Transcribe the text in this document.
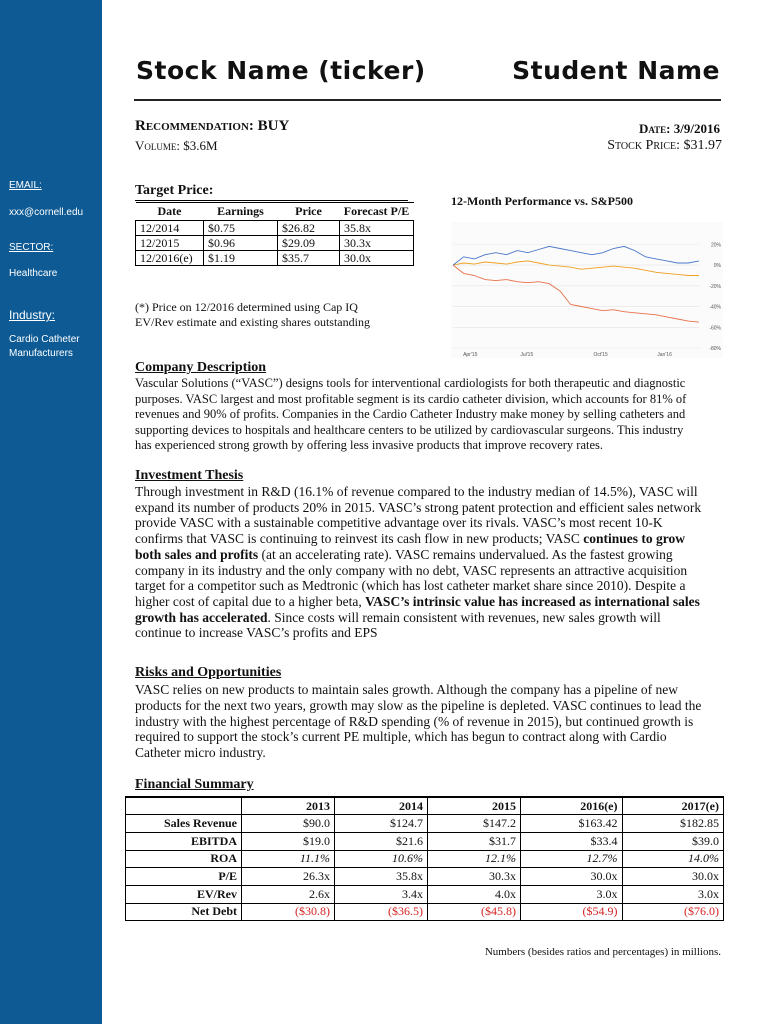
EMAIL:
xxx@cornell.edu
SECTOR:
Healthcare
Industry:
Cardio Catheter
Manufacturers
Stock Name (ticker)	Student Name
Recommendation: BUY
Volume: $3.6M
Date: 3/9/2016
Stock Price: $31.97
Target Price:
Date	Earnings	Price	Forecast P/E
12/2014	$0.75	$26.82	35.8x
12/2015	$0.96	$29.09	30.3x
12/2016(e)	$1.19	$35.7	30.0x
(*) Price on 12/2016 determined using Cap IQ
EV/Rev estimate and existing shares outstanding
12-Month Performance vs. S&P500
20%
0%
-20%
-40%
-60%
-80%
Apr'15	Jul'15	Oct'15	Jan'16
Company Description
Vascular Solutions (“VASC”) designs tools for interventional cardiologists for both therapeutic and diagnostic
purposes. VASC largest and most profitable segment is its cardio catheter division, which accounts for 81% of
revenues and 90% of profits. Companies in the Cardio Catheter Industry make money by selling catheters and
supporting devices to hospitals and healthcare centers to be utilized by cardiovascular surgeons. This industry
has experienced strong growth by offering less invasive products that improve recovery rates.
Investment Thesis
Through investment in R&D (16.1% of revenue compared to the industry median of 14.5%), VASC will
expand its number of products 20% in 2015. VASC’s strong patent protection and efficient sales network
provide VASC with a sustainable competitive advantage over its rivals. VASC’s most recent 10-K
confirms that VASC is continuing to reinvest its cash flow in new products; VASC continues to grow
both sales and profits (at an accelerating rate). VASC remains undervalued. As the fastest growing
company in its industry and the only company with no debt, VASC represents an attractive acquisition
target for a competitor such as Medtronic (which has lost catheter market share since 2010). Despite a
higher cost of capital due to a higher beta, VASC’s intrinsic value has increased as international sales
growth has accelerated. Since costs will remain consistent with revenues, new sales growth will
continue to increase VASC’s profits and EPS
Risks and Opportunities
VASC relies on new products to maintain sales growth. Although the company has a pipeline of new
products for the next two years, growth may slow as the pipeline is depleted. VASC continues to lead the
industry with the highest percentage of R&D spending (% of revenue in 2015), but continued growth is
required to support the stock’s current PE multiple, which has begun to contract along with Cardio
Catheter micro industry.
Financial Summary
	2013	2014	2015	2016(e)	2017(e)
Sales Revenue	$90.0	$124.7	$147.2	$163.42	$182.85
EBITDA	$19.0	$21.6	$31.7	$33.4	$39.0
ROA	11.1%	10.6%	12.1%	12.7%	14.0%
P/E	26.3x	35.8x	30.3x	30.0x	30.0x
EV/Rev	2.6x	3.4x	4.0x	3.0x	3.0x
Net Debt	($30.8)	($36.5)	($45.8)	($54.9)	($76.0)
Numbers (besides ratios and percentages) in millions.
